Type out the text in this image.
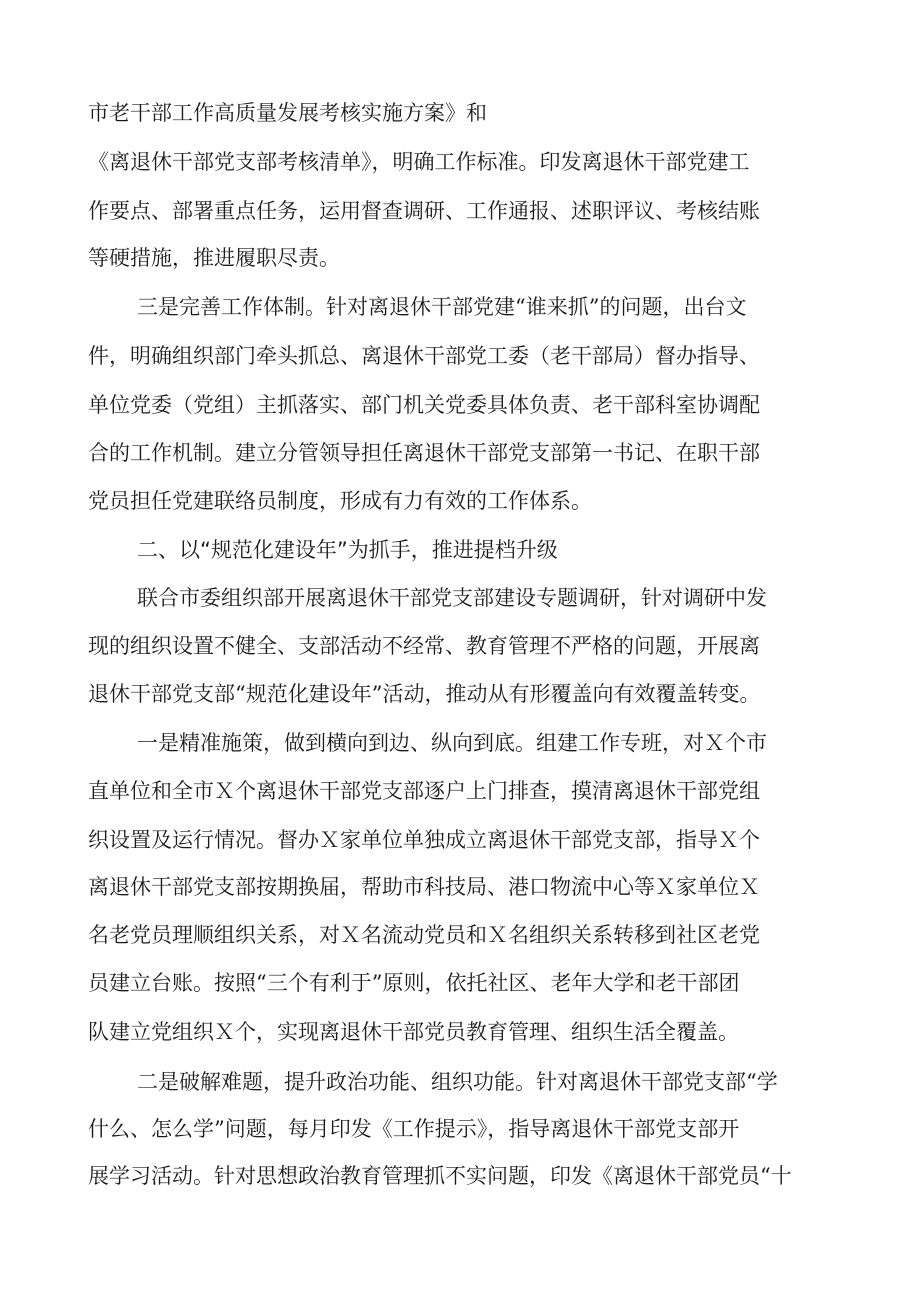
市老干部工作高质量发展考核实施方案》和
《离退休干部党支部考核清单》，明确工作标准。印发离退休干部党建工
作要点、部署重点任务，运用督查调研、工作通报、述职评议、考核结账
等硬措施，推进履职尽责。
三是完善工作体制。针对离退休干部党建“谁来抓”的问题，出台文
件，明确组织部门牵头抓总、离退休干部党工委（老干部局）督办指导、
单位党委（党组）主抓落实、部门机关党委具体负责、老干部科室协调配
合的工作机制。建立分管领导担任离退休干部党支部第一书记、在职干部
党员担任党建联络员制度，形成有力有效的工作体系。
二、以“规范化建设年”为抓手，推进提档升级
联合市委组织部开展离退休干部党支部建设专题调研，针对调研中发
现的组织设置不健全、支部活动不经常、教育管理不严格的问题，开展离
退休干部党支部“规范化建设年”活动，推动从有形覆盖向有效覆盖转变。
一是精准施策，做到横向到边、纵向到底。组建工作专班，对Ｘ个市
直单位和全市Ｘ个离退休干部党支部逐户上门排查，摸清离退休干部党组
织设置及运行情况。督办Ｘ家单位单独成立离退休干部党支部，指导Ｘ个
离退休干部党支部按期换届，帮助市科技局、港口物流中心等Ｘ家单位Ｘ
名老党员理顺组织关系，对Ｘ名流动党员和Ｘ名组织关系转移到社区老党
员建立台账。按照“三个有利于”原则，依托社区、老年大学和老干部团
队建立党组织Ｘ个，实现离退休干部党员教育管理、组织生活全覆盖。
二是破解难题，提升政治功能、组织功能。针对离退休干部党支部“学
什么、怎么学”问题，每月印发《工作提示》，指导离退休干部党支部开
展学习活动。针对思想政治教育管理抓不实问题，印发《离退休干部党员“十
